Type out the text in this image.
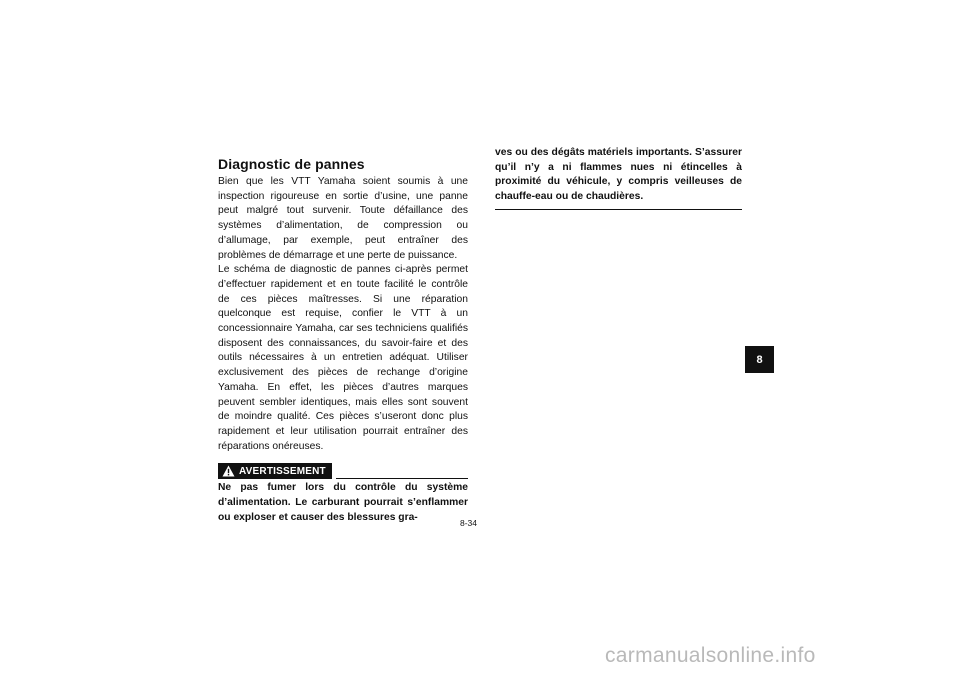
Diagnostic de pannes

Bien que les VTT Yamaha soient soumis à une inspection rigoureuse en sortie d’usine, une panne peut malgré tout survenir. Toute défaillance des systèmes d’alimentation, de compression ou d’allumage, par exemple, peut entraîner des problèmes de démarrage et une perte de puissance.

Le schéma de diagnostic de pannes ci-après permet d’effectuer rapidement et en toute facilité le contrôle de ces pièces maîtresses. Si une réparation quelconque est requise, confier le VTT à un concessionnaire Yamaha, car ses techniciens qualifiés disposent des connaissances, du savoir-faire et des outils nécessaires à un entretien adéquat. Utiliser exclusivement des pièces de rechange d’origine Yamaha. En effet, les pièces d’autres marques peuvent sembler identiques, mais elles sont souvent de moindre qualité. Ces pièces s’useront donc plus rapidement et leur utilisation pourrait entraîner des réparations onéreuses.

AVERTISSEMENT

Ne pas fumer lors du contrôle du système d’alimentation. Le carburant pourrait s’enflammer ou exploser et causer des blessures gra-

ves ou des dégâts matériels importants. S’assurer qu’il n’y a ni flammes nues ni étincelles à proximité du véhicule, y compris veilleuses de chauffe-eau ou de chaudières.

8-34
8
carmanualsonline.info
